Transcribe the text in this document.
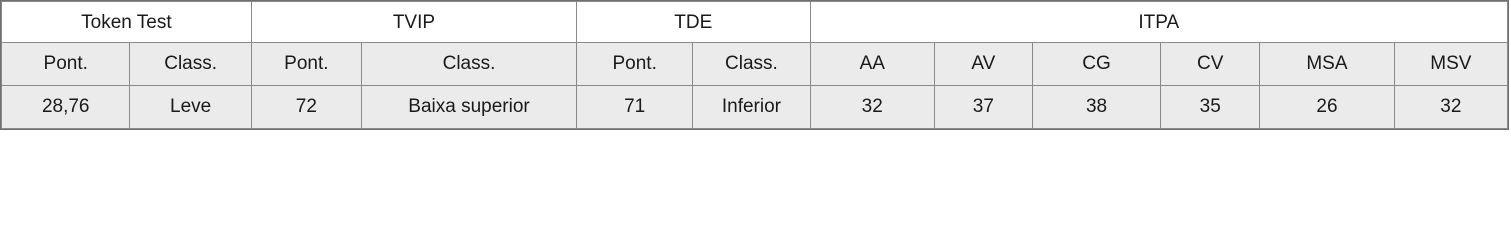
Token Test		TVIP		TDE		ITPA					
Pont.	Class.	Pont.	Class.	Pont.	Class.	AA	AV	CG	CV	MSA	MSV
28,76	Leve	72	Baixa superior	71	Inferior	32	37	38	35	26	32
